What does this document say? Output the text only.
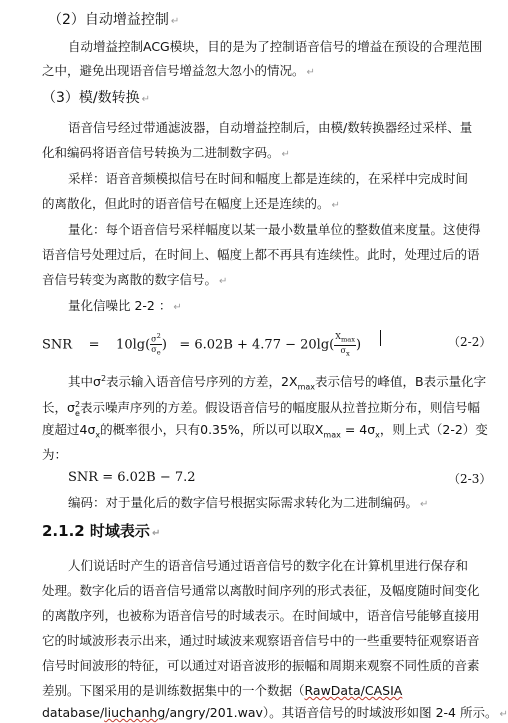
（2）自动增益控制 ↵
自动增益控制ACG模块，目的是为了控制语音信号的增益在预设的合理范围
之中，避免出现语音信号增益忽大忽小的情况。 ↵
（3）模/数转换 ↵
语音信号经过带通滤波器，自动增益控制后，由模/数转换器经过采样、量
化和编码将语音信号转换为二进制数字码。 ↵
采样：语音音频模拟信号在时间和幅度上都是连续的，在采样中完成时间
的离散化，但此时的语音信号在幅度上还是连续的。 ↵
量化：每个语音信号采样幅度以某一最小数量单位的整数值来度量。这使得
语音信号处理过后，在时间上、幅度上都不再具有连续性。此时，处理过后的语
音信号转变为离散的数字信号。 ↵
量化信噪比 2-2 ： ↵
SNR = $10\lg( \frac{\sigma^2}{\sigma_e}$ ) = $6.02B + 4.77 - 20\lg( \frac{X_{max}}{\sigma_x}$ )	（2-2）
其中$\sigma^2$表示输入语音信号序列的方差，$2X_{max}$表示信号的峰值，B表示量化字
长，$\sigma^2_e$表示噪声序列的方差。假设语音信号的幅度服从拉普拉斯分布，则信号幅
度超过$4\sigma_x$的概率很小，只有0.35%，所以可以取$X_{max} = 4\sigma_x$，则上式（2-2）变
为：
SNR = 6.02B − 7.2	（2-3）
编码：对于量化后的数字信号根据实际需求转化为二进制编码。 ↵
2.1.2 时域表示 ↵
人们说话时产生的语音信号通过语音信号的数字化在计算机里进行保存和
处理。数字化后的语音信号通常以离散时间序列的形式表征，及幅度随时间变化
的离散序列，也被称为语音信号的时域表示。在时间域中，语音信号能够直接用
它的时域波形表示出来，通过时域波来观察语音信号中的一些重要特征观察语音
信号时间波形的特征，可以通过对语音波形的振幅和周期来观察不同性质的音素
差别。下图采用的是训练数据集中的一个数据（RawData/CASIA
database/liuchanhg/angry/201.wav）。其语音信号的时域波形如图 2-4 所示。 ↵
